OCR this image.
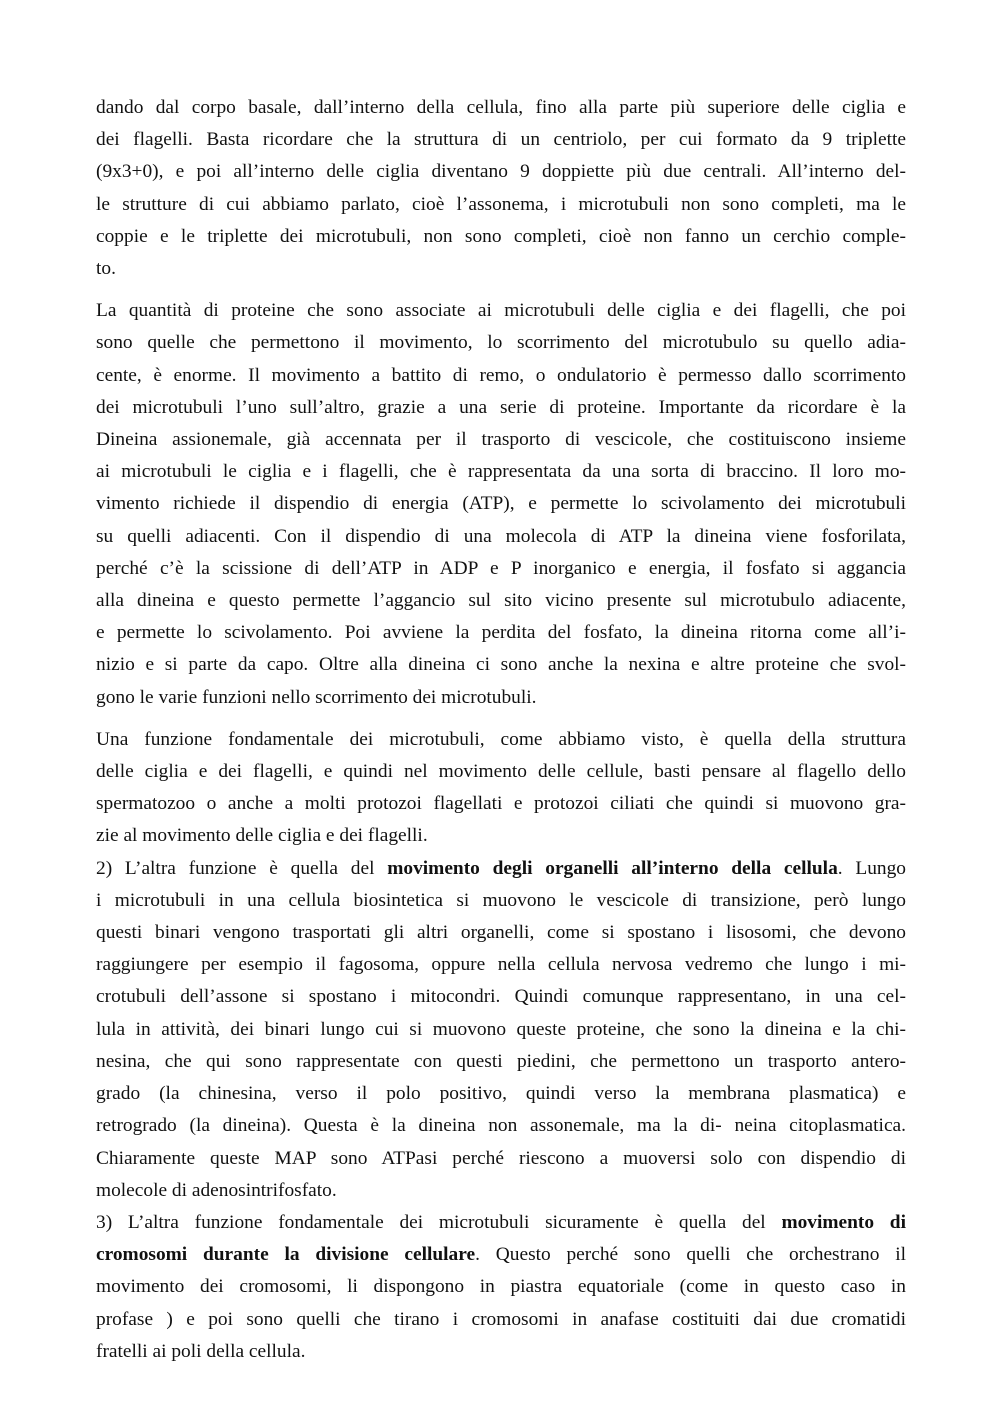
dando dal corpo basale, dall’interno della cellula, fino alla parte più superiore delle ciglia e
dei flagelli. Basta ricordare che la struttura di un centriolo, per cui formato da 9 triplette
(9x3+0), e poi all’interno delle ciglia diventano 9 doppiette più due centrali. All’interno del-
le strutture di cui abbiamo parlato, cioè l’assonema, i microtubuli non sono completi, ma le
coppie e le triplette dei microtubuli, non sono completi, cioè non fanno un cerchio comple-
to.
La quantità di proteine che sono associate ai microtubuli delle ciglia e dei flagelli, che poi
sono quelle che permettono il movimento, lo scorrimento del microtubulo su quello adia-
cente, è enorme. Il movimento a battito di remo, o ondulatorio è permesso dallo scorrimento
dei microtubuli l’uno sull’altro, grazie a una serie di proteine. Importante da ricordare è la
Dineina assionemale, già accennata per il trasporto di vescicole, che costituiscono insieme
ai microtubuli le ciglia e i flagelli, che è rappresentata da una sorta di braccino. Il loro mo-
vimento richiede il dispendio di energia (ATP), e permette lo scivolamento dei microtubuli
su quelli adiacenti. Con il dispendio di una molecola di ATP la dineina viene fosforilata,
perché c’è la scissione di dell’ATP in ADP e P inorganico e energia, il fosfato si aggancia
alla dineina e questo permette l’aggancio sul sito vicino presente sul microtubulo adiacente,
e permette lo scivolamento. Poi avviene la perdita del fosfato, la dineina ritorna come all’i-
nizio e si parte da capo. Oltre alla dineina ci sono anche la nexina e altre proteine che svol-
gono le varie funzioni nello scorrimento dei microtubuli.
Una funzione fondamentale dei microtubuli, come abbiamo visto, è quella della struttura
delle ciglia e dei flagelli, e quindi nel movimento delle cellule, basti pensare al flagello dello
spermatozoo o anche a molti protozoi flagellati e protozoi ciliati che quindi si muovono gra-
zie al movimento delle ciglia e dei flagelli.
2) L’altra funzione è quella del movimento degli organelli all’interno della cellula. Lungo
i microtubuli in una cellula biosintetica si muovono le vescicole di transizione, però lungo
questi binari vengono trasportati gli altri organelli, come si spostano i lisosomi, che devono
raggiungere per esempio il fagosoma, oppure nella cellula nervosa vedremo che lungo i mi-
crotubuli dell’assone si spostano i mitocondri. Quindi comunque rappresentano, in una cel-
lula in attività, dei binari lungo cui si muovono queste proteine, che sono la dineina e la chi-
nesina, che qui sono rappresentate con questi piedini, che permettono un trasporto antero-
grado (la chinesina, verso il polo positivo, quindi verso la membrana plasmatica) e
retrogrado (la dineina). Questa è la dineina non assonemale, ma la di- neina citoplasmatica.
Chiaramente queste MAP sono ATPasi perché riescono a muoversi solo con dispendio di
molecole di adenosintrifosfato.
3) L’altra funzione fondamentale dei microtubuli sicuramente è quella del movimento di
cromosomi durante la divisione cellulare. Questo perché sono quelli che orchestrano il
movimento dei cromosomi, li dispongono in piastra equatoriale (come in questo caso in
profase ) e poi sono quelli che tirano i cromosomi in anafase costituiti dai due cromatidi
fratelli ai poli della cellula.
